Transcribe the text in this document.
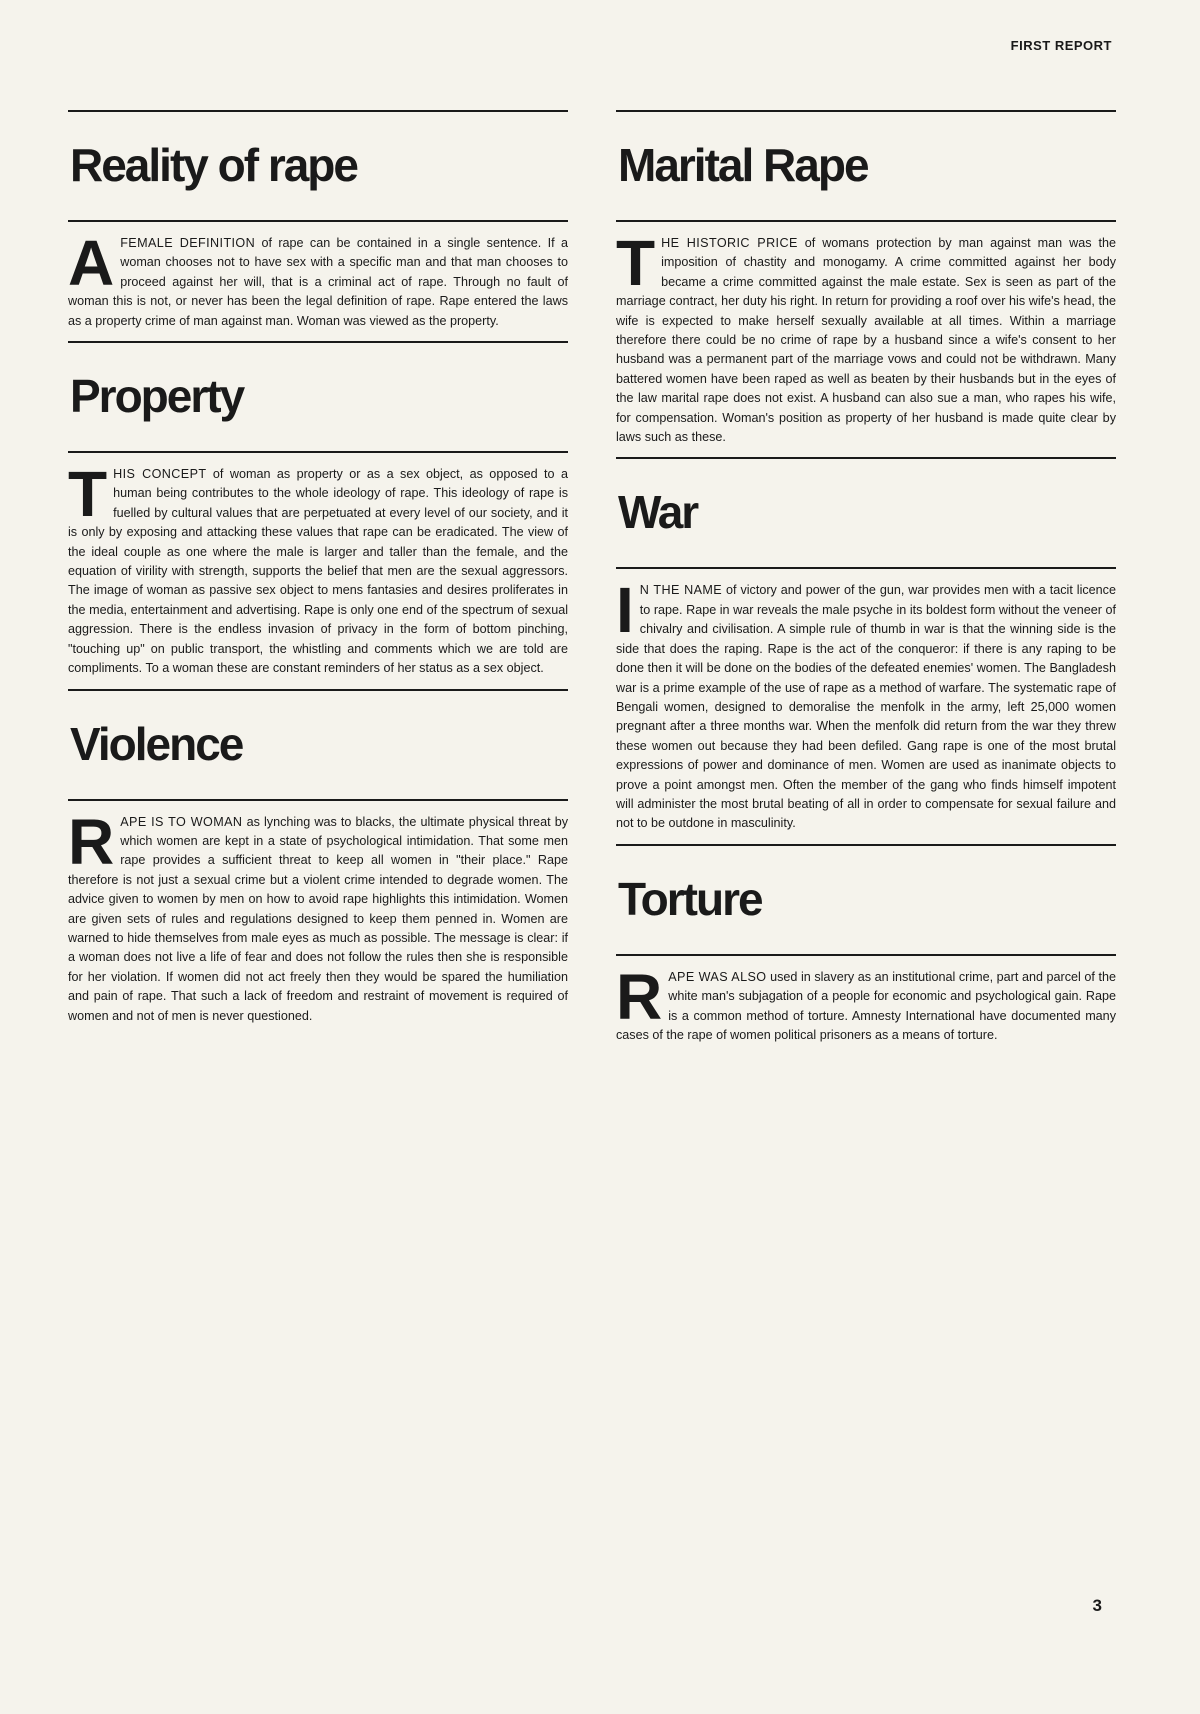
FIRST REPORT
Reality of rape

AFEMALE DEFINITION of rape can be contained in a single sentence. If a woman chooses not to have sex with a specific man and that man chooses to proceed against her will, that is a criminal act of rape. Through no fault of woman this is not, or never has been the legal definition of rape. Rape entered the laws as a property crime of man against man. Woman was viewed as the property.

Property

THIS CONCEPT of woman as property or as a sex object, as opposed to a human being contributes to the whole ideology of rape. This ideology of rape is fuelled by cultural values that are perpetuated at every level of our society, and it is only by exposing and attacking these values that rape can be eradicated. The view of the ideal couple as one where the male is larger and taller than the female, and the equation of virility with strength, supports the belief that men are the sexual aggressors. The image of woman as passive sex object to mens fantasies and desires proliferates in the media, entertainment and advertising. Rape is only one end of the spectrum of sexual aggression. There is the endless invasion of privacy in the form of bottom pinching, "touching up" on public transport, the whistling and comments which we are told are compliments. To a woman these are constant reminders of her status as a sex object.

Violence

RAPE IS TO WOMAN as lynching was to blacks, the ultimate physical threat by which women are kept in a state of psychological intimidation. That some men rape provides a sufficient threat to keep all women in "their place." Rape therefore is not just a sexual crime but a violent crime intended to degrade women. The advice given to women by men on how to avoid rape highlights this intimidation. Women are given sets of rules and regulations designed to keep them penned in. Women are warned to hide themselves from male eyes as much as possible. The message is clear: if a woman does not live a life of fear and does not follow the rules then she is responsible for her violation. If women did not act freely then they would be spared the humiliation and pain of rape. That such a lack of freedom and restraint of movement is required of women and not of men is never questioned.

Marital Rape

THE HISTORIC PRICE of womans protection by man against man was the imposition of chastity and monogamy. A crime committed against her body became a crime committed against the male estate. Sex is seen as part of the marriage contract, her duty his right. In return for providing a roof over his wife's head, the wife is expected to make herself sexually available at all times. Within a marriage therefore there could be no crime of rape by a husband since a wife's consent to her husband was a permanent part of the marriage vows and could not be withdrawn. Many battered women have been raped as well as beaten by their husbands but in the eyes of the law marital rape does not exist. A husband can also sue a man, who rapes his wife, for compensation. Woman's position as property of her husband is made quite clear by laws such as these.

War

I N THE NAME of victory and power of the gun, war provides men with a tacit licence to rape. Rape in war reveals the male psyche in its boldest form without the veneer of chivalry and civilisation. A simple rule of thumb in war is that the winning side is the side that does the raping. Rape is the act of the conqueror: if there is any raping to be done then it will be done on the bodies of the defeated enemies' women. The Bangladesh war is a prime example of the use of rape as a method of warfare. The systematic rape of Bengali women, designed to demoralise the menfolk in the army, left 25,000 women pregnant after a three months war. When the menfolk did return from the war they threw these women out because they had been defiled. Gang rape is one of the most brutal expressions of power and dominance of men. Women are used as inanimate objects to prove a point amongst men. Often the member of the gang who finds himself impotent will administer the most brutal beating of all in order to compensate for sexual failure and not to be outdone in masculinity.

Torture

RAPE WAS ALSO used in slavery as an institutional crime, part and parcel of the white man's subjagation of a people for economic and psychological gain. Rape is a common method of torture. Amnesty International have documented many cases of the rape of women political prisoners as a means of torture.

3
